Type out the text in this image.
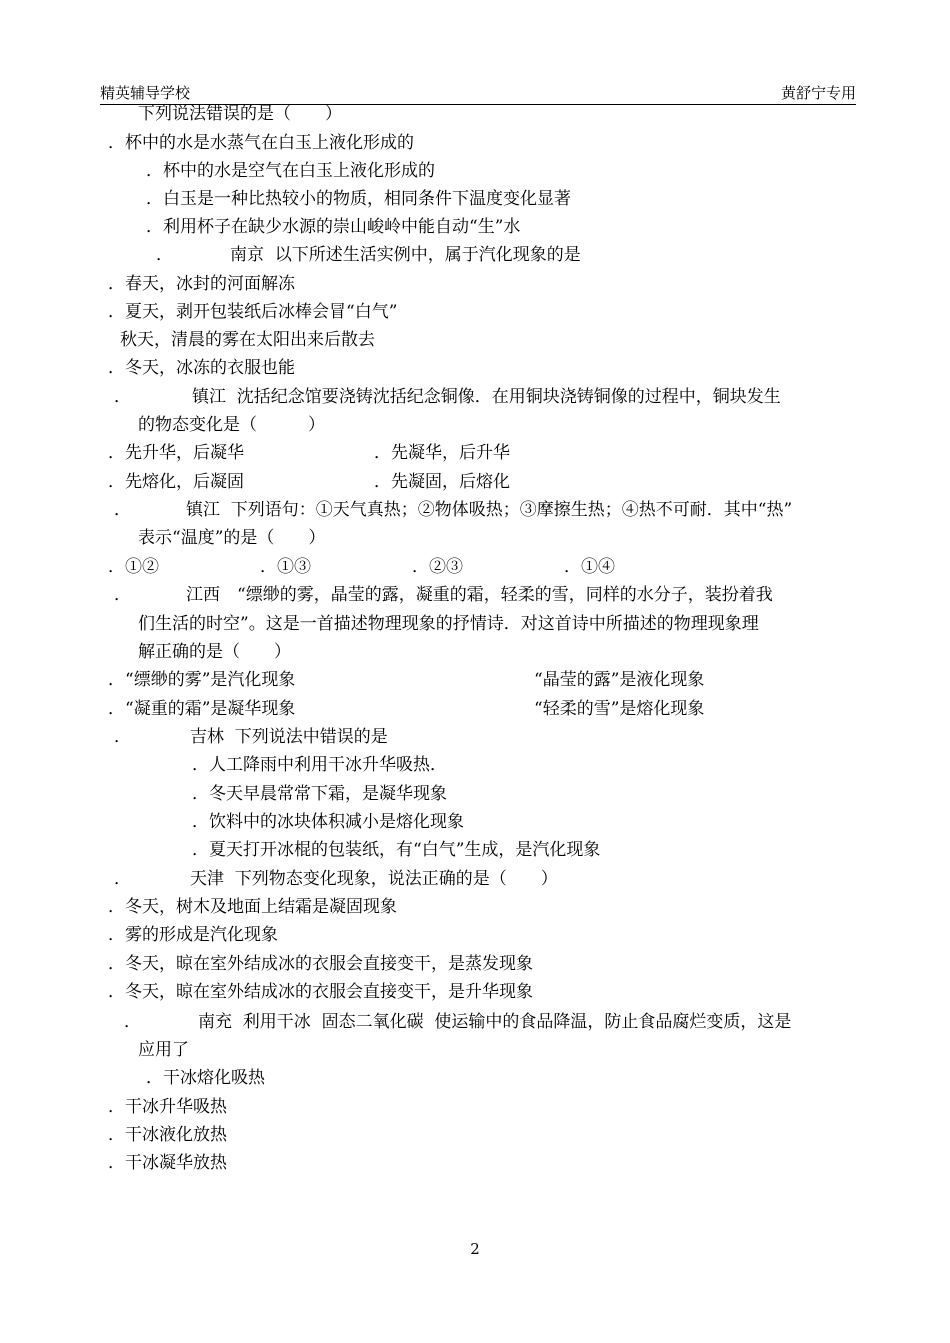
精英辅导学校	黄舒宁专用
下列说法错误的是（　　）
．杯中的水是水蒸气在白玉上液化形成的
．杯中的水是空气在白玉上液化形成的
．白玉是一种比热较小的物质，相同条件下温度变化显著
．利用杯子在缺少水源的崇山峻岭中能自动“生”水
．	南京  以下所述生活实例中，属于汽化现象的是
．春天，冰封的河面解冻
．夏天，剥开包装纸后冰棒会冒“白气”
秋天，清晨的雾在太阳出来后散去
．冬天，冰冻的衣服也能
．	镇江  沈括纪念馆要浇铸沈括纪念铜像．在用铜块浇铸铜像的过程中，铜块发生
的物态变化是（　　　）
．先升华，后凝华	．先凝华，后升华
．先熔化，后凝固	．先凝固，后熔化
．	镇江  下列语句：①天气真热；②物体吸热；③摩擦生热；④热不可耐．其中“热”
表示“温度”的是（　　）
．①②	．①③	．②③	．①④
．	江西　“缥缈的雾，晶莹的露，凝重的霜，轻柔的雪，同样的水分子，装扮着我
们生活的时空”。这是一首描述物理现象的抒情诗．对这首诗中所描述的物理现象理
解正确的是（　　）
．“缥缈的雾”是汽化现象	“晶莹的露”是液化现象
．“凝重的霜”是凝华现象	“轻柔的雪”是熔化现象
．	吉林  下列说法中错误的是
．人工降雨中利用干冰升华吸热．
．冬天早晨常常下霜，是凝华现象
．饮料中的冰块体积减小是熔化现象
．夏天打开冰棍的包装纸，有“白气”生成，是汽化现象
．	天津  下列物态变化现象，说法正确的是（　　）
．冬天，树木及地面上结霜是凝固现象
．雾的形成是汽化现象
．冬天，晾在室外结成冰的衣服会直接变干，是蒸发现象
．冬天，晾在室外结成冰的衣服会直接变干，是升华现象
．	南充  利用干冰  固态二氧化碳  使运输中的食品降温，防止食品腐烂变质，这是
应用了
．干冰熔化吸热
．干冰升华吸热
．干冰液化放热
．干冰凝华放热
2
